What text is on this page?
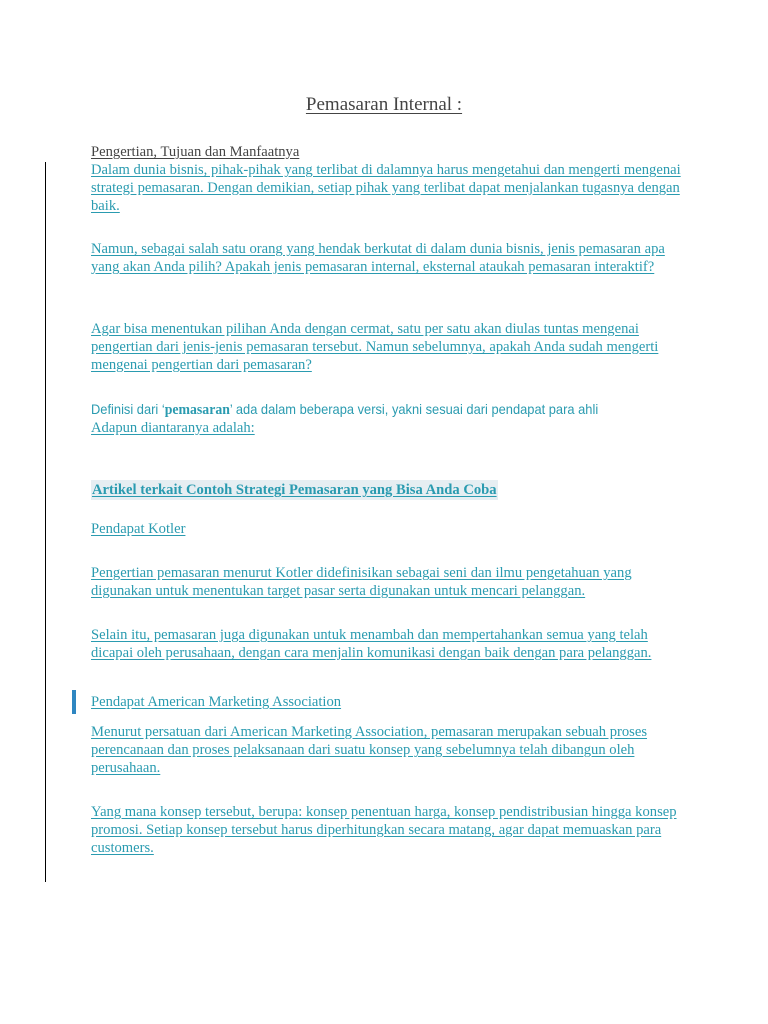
Pemasaran Internal :

Pengertian, Tujuan dan Manfaatnya

Dalam dunia bisnis, pihak-pihak yang terlibat di dalamnya harus mengetahui dan mengerti mengenai strategi pemasaran. Dengan demikian, setiap pihak yang terlibat dapat menjalankan tugasnya dengan baik.

Namun, sebagai salah satu orang yang hendak berkutat di dalam dunia bisnis, jenis pemasaran apa yang akan Anda pilih? Apakah jenis pemasaran internal, eksternal ataukah pemasaran interaktif?

Agar bisa menentukan pilihan Anda dengan cermat, satu per satu akan diulas tuntas mengenai pengertian dari jenis-jenis pemasaran tersebut. Namun sebelumnya, apakah Anda sudah mengerti mengenai pengertian dari pemasaran?

Definisi dari ‘pemasaran’ ada dalam beberapa versi, yakni sesuai dari pendapat para ahli
Adapun diantaranya adalah:

Artikel terkait Contoh Strategi Pemasaran yang Bisa Anda Coba

Pendapat Kotler

Pengertian pemasaran menurut Kotler didefinisikan sebagai seni dan ilmu pengetahuan yang digunakan untuk menentukan target pasar serta digunakan untuk mencari pelanggan.

Selain itu, pemasaran juga digunakan untuk menambah dan mempertahankan semua yang telah dicapai oleh perusahaan, dengan cara menjalin komunikasi dengan baik dengan para pelanggan.

Pendapat American Marketing Association

Menurut persatuan dari American Marketing Association, pemasaran merupakan sebuah proses perencanaan dan proses pelaksanaan dari suatu konsep yang sebelumnya telah dibangun oleh perusahaan.

Yang mana konsep tersebut, berupa: konsep penentuan harga, konsep pendistribusian hingga konsep promosi. Setiap konsep tersebut harus diperhitungkan secara matang, agar dapat memuaskan para customers.
